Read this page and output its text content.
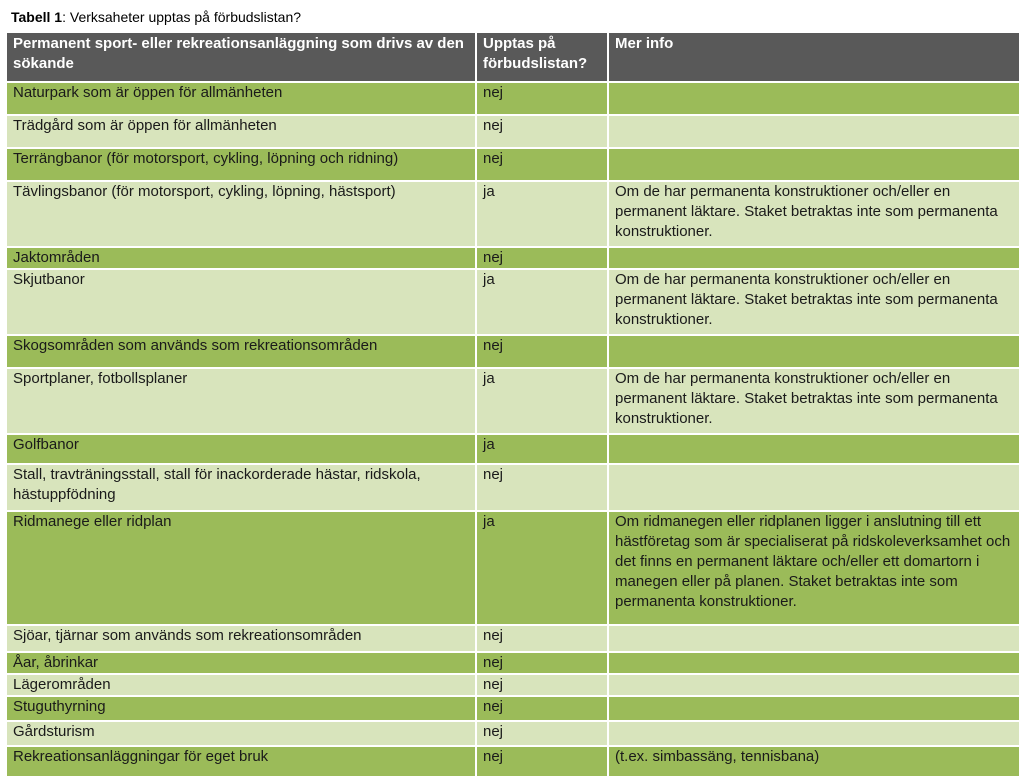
Tabell 1: Verksaheter upptas på förbudslistan?
Permanent sport- eller rekreationsanläggning som drivs av den sökande	Upptas på förbudslistan?	Mer info
Naturpark som är öppen för allmänheten	nej	
Trädgård som är öppen för allmänheten	nej	
Terrängbanor (för motorsport, cykling, löpning och ridning)	nej	
Tävlingsbanor (för motorsport, cykling, löpning, hästsport)	ja	Om de har permanenta konstruktioner och/eller en permanent läktare. Staket betraktas inte som permanenta konstruktioner.
Jaktområden	nej	
Skjutbanor	ja	Om de har permanenta konstruktioner och/eller en permanent läktare. Staket betraktas inte som permanenta konstruktioner.
Skogsområden som används som rekreationsområden	nej	
Sportplaner, fotbollsplaner	ja	Om de har permanenta konstruktioner och/eller en permanent läktare. Staket betraktas inte som permanenta konstruktioner.
Golfbanor	ja	
Stall, travträningsstall, stall för inackorderade hästar, ridskola, hästuppfödning	nej	
Ridmanege eller ridplan	ja	Om ridmanegen eller ridplanen ligger i anslutning till ett hästföretag som är specialiserat på ridskoleverksamhet och det finns en permanent läktare och/eller ett domartorn i manegen eller på planen. Staket betraktas inte som permanenta konstruktioner.
Sjöar, tjärnar som används som rekreationsområden	nej	
Åar, åbrinkar	nej	
Lägerområden	nej	
Stuguthyrning	nej	
Gårdsturism	nej	
Rekreationsanläggningar för eget bruk	nej	(t.ex. simbassäng, tennisbana)
